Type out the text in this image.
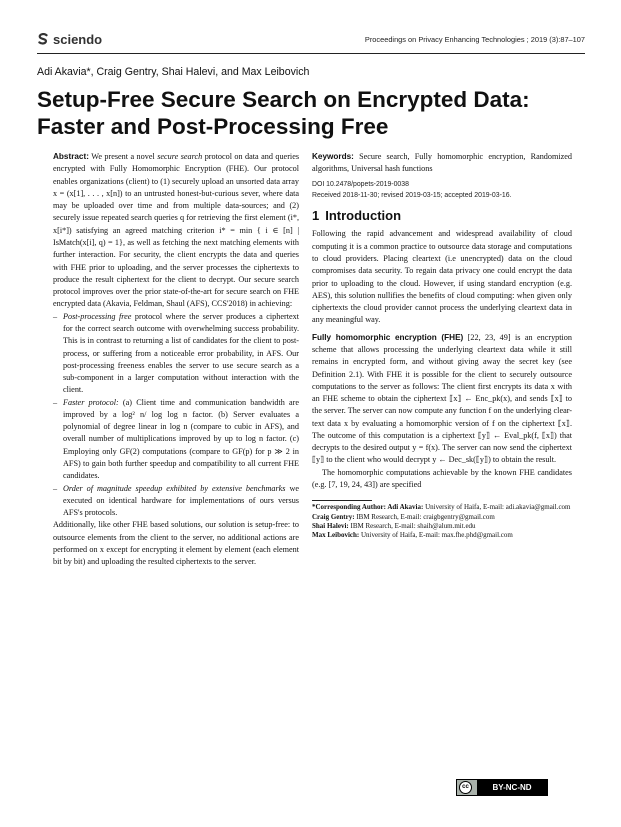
sciendo	Proceedings on Privacy Enhancing Technologies ; 2019 (3):87–107
Adi Akavia*, Craig Gentry, Shai Halevi, and Max Leibovich
Setup-Free Secure Search on Encrypted Data:
Faster and Post-Processing Free

Abstract: We present a novel secure search protocol on data and queries encrypted with Fully Homomorphic Encryption (FHE). Our protocol enables organizations (client) to (1) securely upload an unsorted data array x = (x[1], . . . , x[n]) to an untrusted honest-but-curious sever, where data may be uploaded over time and from multiple data-sources; and (2) securely issue repeated search queries q for retrieving the first element (i*, x[i*]) satisfying an agreed matching criterion i* = min { i ∈ [n] | IsMatch(x[i], q) = 1}, as well as fetching the next matching elements with further interaction. For security, the client encrypts the data and queries with FHE prior to uploading, and the server processes the ciphertexts to produce the result ciphertext for the client to decrypt. Our secure search protocol improves over the prior state-of-the-art for secure search on FHE encrypted data (Akavia, Feldman, Shaul (AFS), CCS'2018) in achieving:

– Post-processing free protocol where the server produces a ciphertext for the correct search outcome with overwhelming success probability. This is in contrast to returning a list of candidates for the client to post-process, or suffering from a noticeable error probability, in AFS. Our post-processing freeness enables the server to use secure search as a sub-component in a larger computation without interaction with the client.

– Faster protocol: (a) Client time and communication bandwidth are improved by a log² n/ log log n factor. (b) Server evaluates a polynomial of degree linear in log n (compare to cubic in AFS), and overall number of multiplications improved by up to log n factor. (c) Employing only GF(2) computations (compare to GF(p) for p ≫ 2 in AFS) to gain both further speedup and compatibility to all current FHE candidates.

– Order of magnitude speedup exhibited by extensive benchmarks we executed on identical hardware for implementations of ours versus AFS's protocols.

Additionally, like other FHE based solutions, our solution is setup-free: to outsource elements from the client to the server, no additional actions are performed on x except for encrypting it element by element (each element bit by bit) and uploading the resulted ciphertexts to the server.

Keywords: Secure search, Fully homomorphic encryption, Randomized algorithms, Universal hash functions

DOI 10.2478/popets-2019-0038
Received 2018-11-30; revised 2019-03-15; accepted 2019-03-16.
1 Introduction

Following the rapid advancement and widespread availability of cloud computing it is a common practice to outsource data storage and computations to cloud providers. Placing cleartext (i.e unencrypted) data on the cloud compromises data security. To regain data privacy one could encrypt the data prior to uploading to the cloud. However, if using standard encryption (e.g. AES), this solution nullifies the benefits of cloud computing: when given only ciphertexts the cloud provider cannot process the underlying cleartext data in any meaningful way.

Fully homomorphic encryption (FHE) [22, 23, 49] is an encryption scheme that allows processing the underlying cleartext data while it still remains in encrypted form, and without giving away the secret key (see Definition 2.1). With FHE it is possible for the client to securely outsource computations to the server as follows: The client first encrypts its data x with an FHE scheme to obtain the ciphertext ⟦x⟧ ← Enc_pk(x), and sends ⟦x⟧ to the server. The server can now compute any function f on the underlying clear-text data x by evaluating a homomorphic version of f on the ciphertext ⟦x⟧. The outcome of this computation is a ciphertext ⟦y⟧ ← Eval_pk(f, ⟦x⟧) that decrypts to the desired output y = f(x). The server can now send the ciphertext ⟦y⟧ to the client who would decrypt y ← Dec_sk(⟦y⟧) to obtain the result.

The homomorphic computations achievable by the known FHE candidates (e.g. [7, 19, 24, 43]) are specified

*Corresponding Author: Adi Akavia: University of Haifa, E-mail: adi.akavia@gmail.com
Craig Gentry: IBM Research, E-mail: craigbgentry@gmail.com
Shai Halevi: IBM Research, E-mail: shaih@alum.mit.edu
Max Leibovich: University of Haifa, E-mail: max.fhe.phd@gmail.com
cc	BY-NC-ND
